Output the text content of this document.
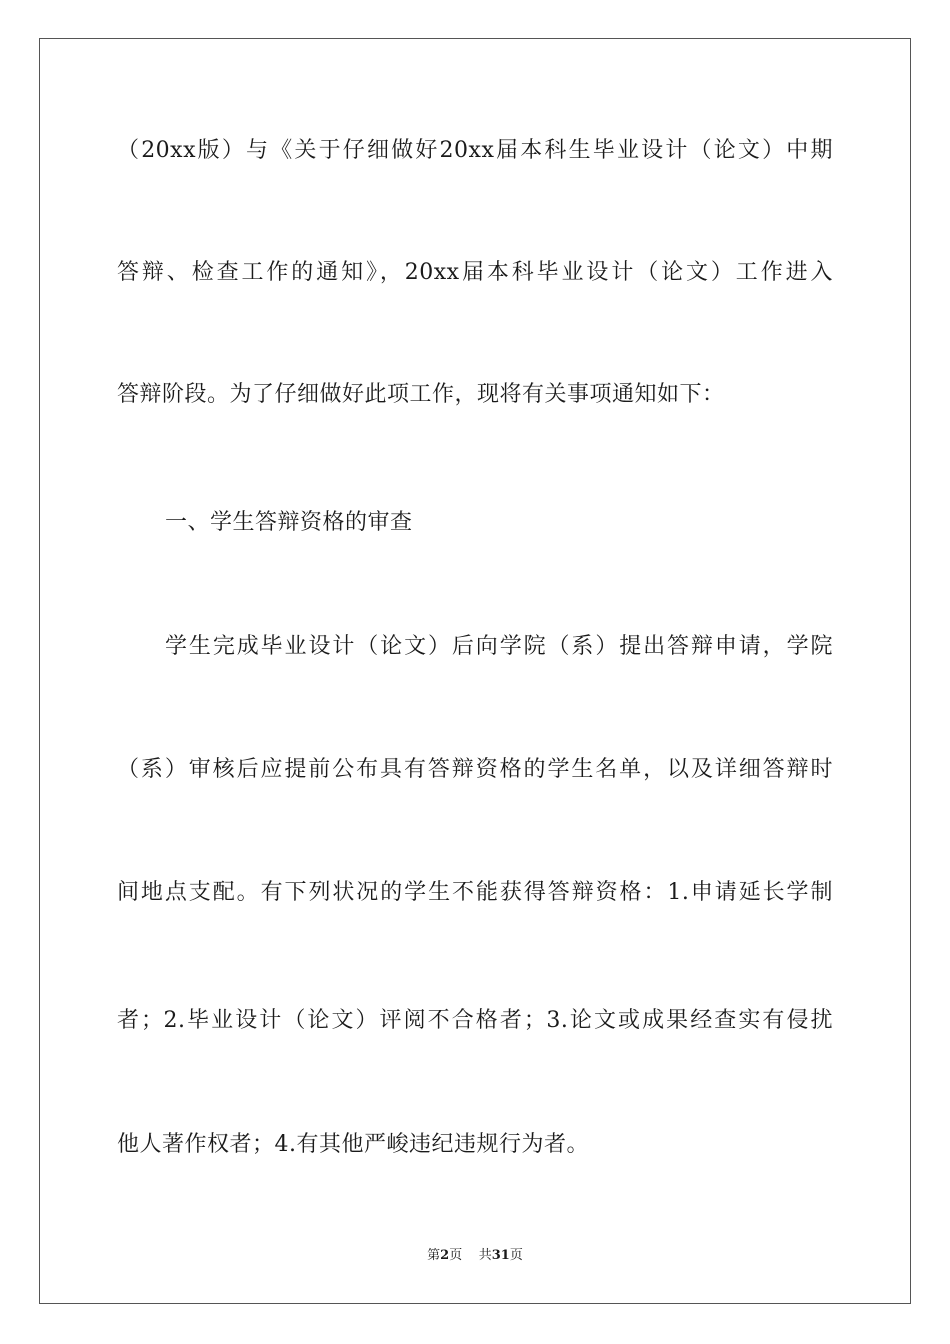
（20xx版）与《关于仔细做好20xx届本科生毕业设计（论文）中期
答辩、检查工作的通知》，20xx届本科毕业设计（论文）工作进入
答辩阶段。为了仔细做好此项工作，现将有关事项通知如下：
一、学生答辩资格的审查
学生完成毕业设计（论文）后向学院（系）提出答辩申请，学院
（系）审核后应提前公布具有答辩资格的学生名单，以及详细答辩时
间地点支配。有下列状况的学生不能获得答辩资格：1.申请延长学制
者；2.毕业设计（论文）评阅不合格者；3.论文或成果经查实有侵扰
他人著作权者；4.有其他严峻违纪违规行为者。
第2页 共31页
